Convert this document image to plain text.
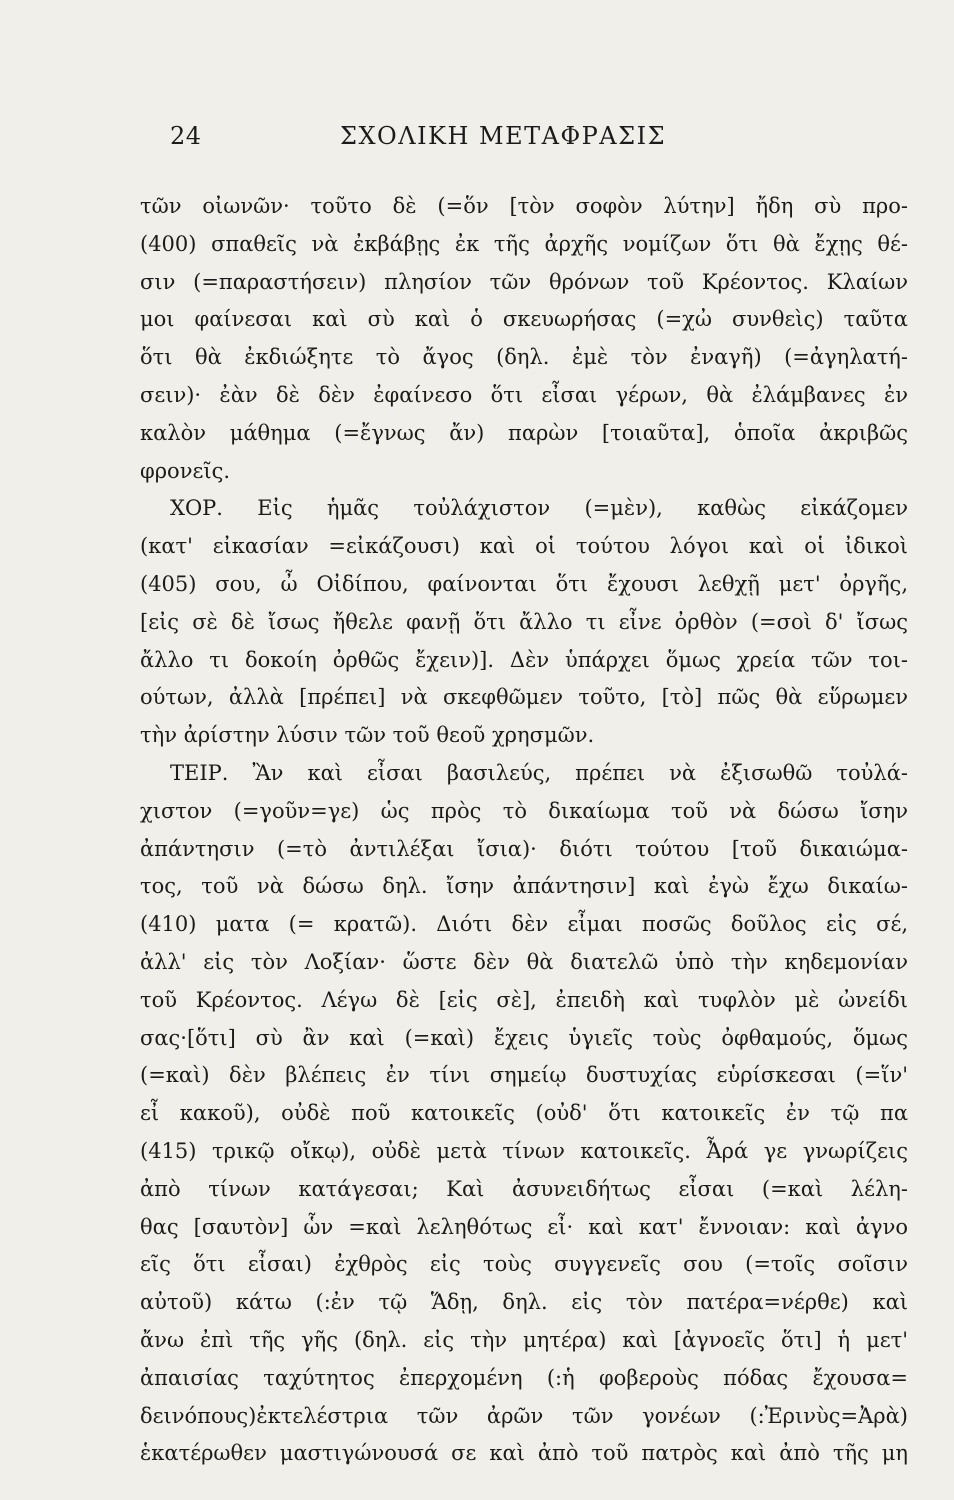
24	ΣΧΟΛΙΚΗ ΜΕΤΑΦΡΑΣΙΣ
τῶν οἰωνῶν· τοῦτο δὲ (=ὅν [τὸν σοφὸν λύτην] ἤδη σὺ προ-
(400) σπαθεῖς νὰ ἐκβάβῃς ἐκ τῆς ἀρχῆς νομίζων ὅτι θὰ ἔχῃς θέ-
σιν (=παραστήσειν) πλησίον τῶν θρόνων τοῦ Κρέοντος. Κλαίων
μοι φαίνεσαι καὶ σὺ καὶ ὁ σκευωρήσας (=χὠ συνθεὶς) ταῦτα
ὅτι θὰ ἐκδιώξητε τὸ ἄγος (δηλ. ἐμὲ τὸν ἐναγῆ) (=ἀγηλατή-
σειν)· ἐὰν δὲ δὲν ἐφαίνεσο ὅτι εἶσαι γέρων, θὰ ἐλάμβανες ἐν
καλὸν μάθημα (=ἔγνως ἄν) παρὼν [τοιαῦτα], ὁποῖα ἀκριβῶς
φρονεῖς.
ΧΟΡ. Εἰς ἡμᾶς τοὐλάχιστον (=μὲν), καθὼς εἰκάζομεν
(κατ' εἰκασίαν =εἰκάζουσι) καὶ οἱ τούτου λόγοι καὶ οἱ ἰδικοὶ
(405) σου, ὦ Οἰδίπου, φαίνονται ὅτι ἔχουσι λεθχῇ μετ' ὀργῆς,
[εἰς σὲ δὲ ἴσως ἤθελε φανῇ ὅτι ἄλλο τι εἶνε ὀρθὸν (=σοὶ δ' ἴσως
ἄλλο τι δοκοίη ὀρθῶς ἔχειν)]. Δὲν ὑπάρχει ὅμως χρεία τῶν τοι-
ούτων, ἀλλὰ [πρέπει] νὰ σκεφθῶμεν τοῦτο, [τὸ] πῶς θὰ εὕρωμεν
τὴν ἀρίστην λύσιν τῶν τοῦ θεοῦ χρησμῶν.
ΤΕΙΡ. Ἂν καὶ εἶσαι βασιλεύς, πρέπει νὰ ἐξισωθῶ τοὐλά-
χιστον (=γοῦν=γε) ὡς πρὸς τὸ δικαίωμα τοῦ νὰ δώσω ἴσην
ἀπάντησιν (=τὸ ἀντιλέξαι ἴσια)· διότι τούτου [τοῦ δικαιώμα-
τος, τοῦ νὰ δώσω δηλ. ἴσην ἀπάντησιν] καὶ ἐγὼ ἔχω δικαίω-
(410) ματα (= κρατῶ). Διότι δὲν εἶμαι ποσῶς δοῦλος εἰς σέ,
ἀλλ' εἰς τὸν Λοξίαν· ὥστε δὲν θὰ διατελῶ ὑπὸ τὴν κηδεμονίαν
τοῦ Κρέοντος. Λέγω δὲ [εἰς σὲ], ἐπειδὴ καὶ τυφλὸν μὲ ὠνείδι
σας·[ὅτι] σὺ ἂν καὶ (=καὶ) ἔχεις ὑγιεῖς τοὺς ὀφθαμούς, ὅμως
(=καὶ) δὲν βλέπεις ἐν τίνι σημείῳ δυστυχίας εὑρίσκεσαι (=ἵν'
εἶ κακοῦ), οὐδὲ ποῦ κατοικεῖς (οὐδ' ὅτι κατοικεῖς ἐν τῷ πα
(415) τρικῷ οἴκῳ), οὐδὲ μετὰ τίνων κατοικεῖς. Ἆρά γε γνωρίζεις
ἀπὸ τίνων κατάγεσαι; Καὶ ἀσυνειδήτως εἶσαι (=καὶ λέλη-
θας [σαυτὸν] ὧν =καὶ λεληθότως εἶ· καὶ κατ' ἔννοιαν: καὶ ἀγνο
εῖς ὅτι εἶσαι) ἐχθρὸς εἰς τοὺς συγγενεῖς σου (=τοῖς σοῖσιν
αὐτοῦ) κάτω (:ἐν τῷ Ἅδῃ, δηλ. εἰς τὸν πατέρα=νέρθε) καὶ
ἄνω ἐπὶ τῆς γῆς (δηλ. εἰς τὴν μητέρα) καὶ [ἀγνοεῖς ὅτι] ἡ μετ'
ἀπαισίας ταχύτητος ἐπερχομένη (:ἡ φοβεροὺς πόδας ἔχουσα=
δεινόπους)ἐκτελέστρια τῶν ἀρῶν τῶν γονέων (:Ἐρινὺς=Ἀρὰ)
ἑκατέρωθεν μαστιγώνουσά σε καὶ ἀπὸ τοῦ πατρὸς καὶ ἀπὸ τῆς μη
